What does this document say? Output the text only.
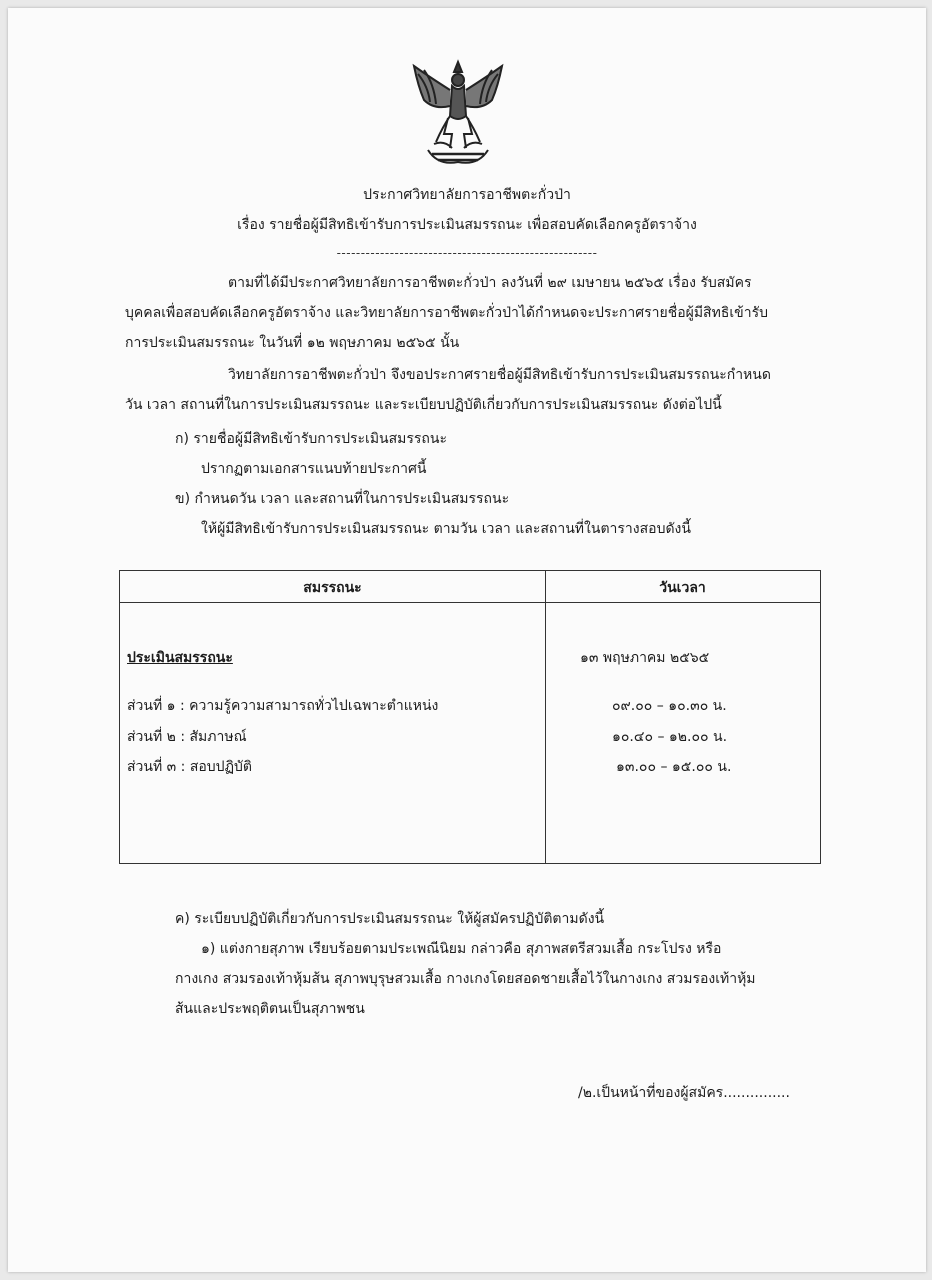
ประกาศวิทยาลัยการอาชีพตะกั่วป่า
เรื่อง รายชื่อผู้มีสิทธิเข้ารับการประเมินสมรรถนะ เพื่อสอบคัดเลือกครูอัตราจ้าง
------------------------------------------------------
ตามที่ได้มีประกาศวิทยาลัยการอาชีพตะกั่วป่า ลงวันที่ ๒๙ เมษายน ๒๕๖๕ เรื่อง รับสมัคร
บุคคลเพื่อสอบคัดเลือกครูอัตราจ้าง และวิทยาลัยการอาชีพตะกั่วป่าได้กำหนดจะประกาศรายชื่อผู้มีสิทธิเข้ารับ
การประเมินสมรรถนะ ในวันที่ ๑๒ พฤษภาคม ๒๕๖๕ นั้น
วิทยาลัยการอาชีพตะกั่วป่า จึงขอประกาศรายชื่อผู้มีสิทธิเข้ารับการประเมินสมรรถนะกำหนด
วัน เวลา สถานที่ในการประเมินสมรรถนะ และระเบียบปฏิบัติเกี่ยวกับการประเมินสมรรถนะ ดังต่อไปนี้
ก) รายชื่อผู้มีสิทธิเข้ารับการประเมินสมรรถนะ
ปรากฏตามเอกสารแนบท้ายประกาศนี้
ข) กำหนดวัน เวลา และสถานที่ในการประเมินสมรรถนะ
ให้ผู้มีสิทธิเข้ารับการประเมินสมรรถนะ ตามวัน เวลา และสถานที่ในตารางสอบดังนี้
สมรรถนะ	วันเวลา
ประเมินสมรรถนะ	๑๓ พฤษภาคม ๒๕๖๕
ส่วนที่ ๑ : ความรู้ความสามารถทั่วไปเฉพาะตำแหน่ง	๐๙.๐๐ – ๑๐.๓๐ น.
ส่วนที่ ๒ : สัมภาษณ์	๑๐.๔๐ – ๑๒.๐๐ น.
ส่วนที่ ๓ : สอบปฏิบัติ	๑๓.๐๐ – ๑๕.๐๐ น.
ค) ระเบียบปฏิบัติเกี่ยวกับการประเมินสมรรถนะ ให้ผู้สมัครปฏิบัติตามดังนี้
๑) แต่งกายสุภาพ เรียบร้อยตามประเพณีนิยม กล่าวคือ สุภาพสตรีสวมเสื้อ กระโปรง หรือ
กางเกง สวมรองเท้าหุ้มส้น สุภาพบุรุษสวมเสื้อ กางเกงโดยสอดชายเสื้อไว้ในกางเกง สวมรองเท้าหุ้ม
ส้นและประพฤติตนเป็นสุภาพชน
/๒.เป็นหน้าที่ของผู้สมัคร...............
